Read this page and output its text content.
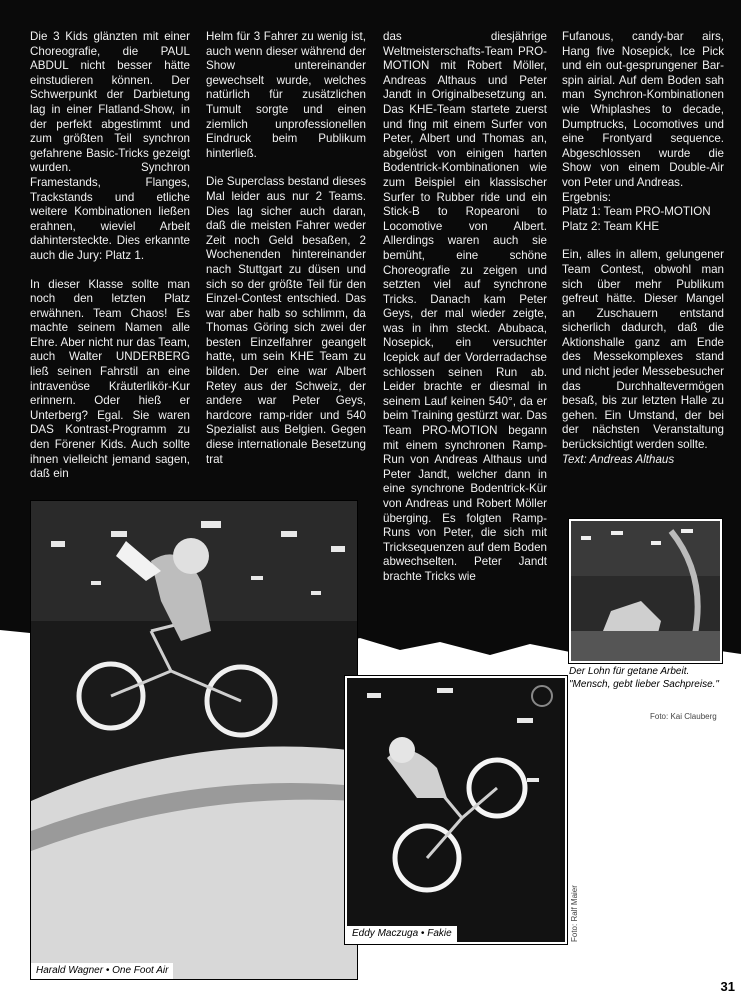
Die 3 Kids glänzten mit einer Choreografie, die PAUL ABDUL nicht besser hätte einstudieren können. Der Schwerpunkt der Darbietung lag in einer Flatland-Show, in der perfekt abgestimmt und zum größten Teil synchron gefahrene Basic-Tricks gezeigt wurden. Synchron Framestands, Flanges, Trackstands und etliche weitere Kombinationen ließen erahnen, wieviel Arbeit dahintersteckte. Dies erkannte auch die Jury: Platz 1.

In dieser Klasse sollte man noch den letzten Platz erwähnen. Team Chaos! Es machte seinem Namen alle Ehre. Aber nicht nur das Team, auch Walter UNDERBERG ließ seinen Fahrstil an eine intravenöse Kräuterlikör-Kur erinnern. Oder hieß er Unterberg? Egal. Sie waren DAS Kontrast-Programm zu den Förener Kids. Auch sollte ihnen vielleicht jemand sagen, daß ein

Helm für 3 Fahrer zu wenig ist, auch wenn dieser während der Show untereinander gewechselt wurde, welches natürlich für zusätzlichen Tumult sorgte und einen ziemlich unprofessionellen Eindruck beim Publikum hinterließ.

Die Superclass bestand dieses Mal leider aus nur 2 Teams. Dies lag sicher auch daran, daß die meisten Fahrer weder Zeit noch Geld besaßen, 2 Wochenenden hintereinander nach Stuttgart zu düsen und sich so der größte Teil für den Einzel-Contest entschied. Das war aber halb so schlimm, da Thomas Göring sich zwei der besten Einzelfahrer geangelt hatte, um sein KHE Team zu bilden. Der eine war Albert Retey aus der Schweiz, der andere war Peter Geys, hardcore ramp-rider und 540 Spezialist aus Belgien. Gegen diese internationale Besetzung trat

das diesjährige Weltmeisterschafts-Team PRO-MOTION mit Robert Möller, Andreas Althaus und Peter Jandt in Originalbesetzung an. Das KHE-Team startete zuerst und fing mit einem Surfer von Peter, Albert und Thomas an, abgelöst von einigen harten Bodentrick-Kombinationen wie zum Beispiel ein klassischer Surfer to Rubber ride und ein Stick-B to Ropearoni to Locomotive von Albert. Allerdings waren auch sie bemüht, eine schöne Choreografie zu zeigen und setzten viel auf synchrone Tricks. Danach kam Peter Geys, der mal wieder zeigte, was in ihm steckt. Abubaca, Nosepick, ein versuchter Icepick auf der Vorderradachse schlossen seinen Run ab. Leider brachte er diesmal in seinem Lauf keinen 540°, da er beim Training gestürzt war. Das Team PRO-MOTION begann mit einem synchronen Ramp-Run von Andreas Althaus und Peter Jandt, welcher dann in eine synchrone Bodentrick-Kür von Andreas und Robert Möller überging. Es folgten Ramp-Runs von Peter, die sich mit Tricksequenzen auf dem Boden abwechselten. Peter Jandt brachte Tricks wie

Fufanous, candy-bar airs, Hang five Nosepick, Ice Pick und ein out-gesprungener Bar-spin airial. Auf dem Boden sah man Synchron-Kombinationen wie Whiplashes to decade, Dumptrucks, Locomotives und eine Frontyard sequence. Abgeschlossen wurde die Show von einem Double-Air von Peter und Andreas.

Ergebnis:
Platz 1: Team PRO-MOTION
Platz 2: Team KHE

Ein, alles in allem, gelungener Team Contest, obwohl man sich über mehr Publikum gefreut hätte. Dieser Mangel an Zuschauern entstand sicherlich dadurch, daß die Aktionshalle ganz am Ende des Messekomplexes stand und nicht jeder Messebesucher das Durchhaltevermögen besaß, bis zur letzten Halle zu gehen. Ein Umstand, der bei der nächsten Veranstaltung berücksichtigt werden sollte.

Text: Andreas Althaus
Harald Wagner • One Foot Air
Eddy Maczuga • Fakie	Foto: Ralf Maier
Der Lohn für getane Arbeit.
"Mensch, gebt lieber Sachpreise."
Foto: Kai Clauberg
31
